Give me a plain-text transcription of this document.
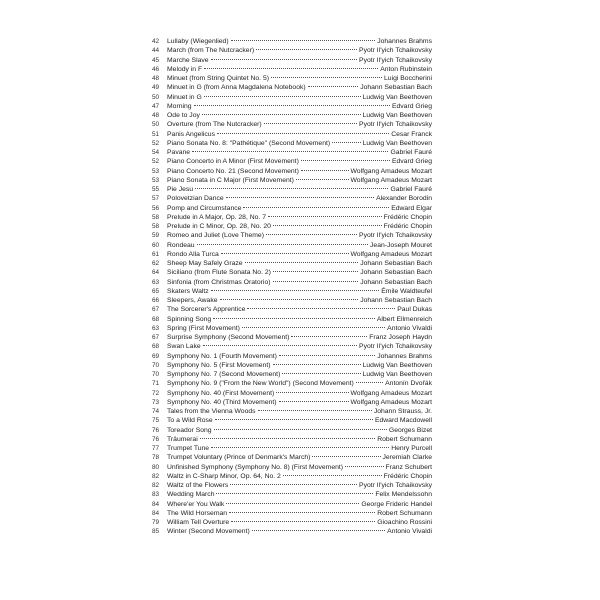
42	Lullaby (Wiegenlied)	Johannes Brahms
44	March (from The Nutcracker)	Pyotr Il'yich Tchaikovsky
45	Marche Slave	Pyotr Il'yich Tchaikovsky
46	Melody in F	Anton Rubinstein
48	Minuet (from String Quintet No. 5)	Luigi Boccherini
49	Minuet in G (from Anna Magdalena Notebook)	Johann Sebastian Bach
50	Minuet in G	Ludwig Van Beethoven
47	Morning	Edvard Grieg
48	Ode to Joy	Ludwig Van Beethoven
50	Overture (from The Nutcracker)	Pyotr Il'yich Tchaikovsky
51	Panis Angelicus	Cesar Franck
52	Piano Sonata No. 8: "Pathétique" (Second Movement)	Ludwig Van Beethoven
54	Pavane	Gabriel Fauré
52	Piano Concerto in A Minor (First Movement)	Edvard Grieg
53	Piano Concerto No. 21 (Second Movement)	Wolfgang Amadeus Mozart
53	Piano Sonata in C Major (First Movement)	Wolfgang Amadeus Mozart
55	Pie Jesu	Gabriel Fauré
57	Polovetzian Dance	Alexander Borodin
56	Pomp and Circumstance	Edward Elgar
58	Prelude in A Major, Op. 28, No. 7	Frédéric Chopin
58	Prelude in C Minor, Op. 28, No. 20	Frédéric Chopin
59	Romeo and Juliet (Love Theme)	Pyotr Il'yich Tchaikovsky
60	Rondeau	Jean-Joseph Mouret
61	Rondo Alla Turca	Wolfgang Amadeus Mozart
62	Sheep May Safely Graze	Johann Sebastian Bach
64	Siciliano (from Flute Sonata No. 2)	Johann Sebastian Bach
63	Sinfonia (from Christmas Oratorio)	Johann Sebastian Bach
65	Skaters Waltz	Émile Waldteufel
66	Sleepers, Awake	Johann Sebastian Bach
67	The Sorcerer's Apprentice	Paul Dukas
68	Spinning Song	Albert Ellmenreich
63	Spring (First Movement)	Antonio Vivaldi
67	Surprise Symphony (Second Movement)	Franz Joseph Haydn
68	Swan Lake	Pyotr Il'yich Tchaikovsky
69	Symphony No. 1 (Fourth Movement)	Johannes Brahms
70	Symphony No. 5 (First Movement)	Ludwig Van Beethoven
70	Symphony No. 7 (Second Movement)	Ludwig Van Beethoven
71	Symphony No. 9 ("From the New World") (Second Movement)	Antonín Dvořák
72	Symphony No. 40 (First Movement)	Wolfgang Amadeus Mozart
73	Symphony No. 40 (Third Movement)	Wolfgang Amadeus Mozart
74	Tales from the Vienna Woods	Johann Strauss, Jr.
75	To a Wild Rose	Edward Macdowell
76	Toreador Song	Georges Bizet
76	Träumerai	Robert Schumann
77	Trumpet Tune	Henry Purcell
78	Trumpet Voluntary (Prince of Denmark's March)	Jeremiah Clarke
80	Unfinished Symphony (Symphony No. 8) (First Movement)	Franz Schubert
82	Waltz in C-Sharp Minor, Op. 64, No. 2	Frédéric Chopin
82	Waltz of the Flowers	Pyotr Il'yich Tchaikovsky
83	Wedding March	Felix Mendelssohn
84	Where'er You Walk	George Frideric Handel
84	The Wild Horseman	Robert Schumann
79	William Tell Overture	Gioachino Rossini
85	Winter (Second Movement)	Antonio Vivaldi
